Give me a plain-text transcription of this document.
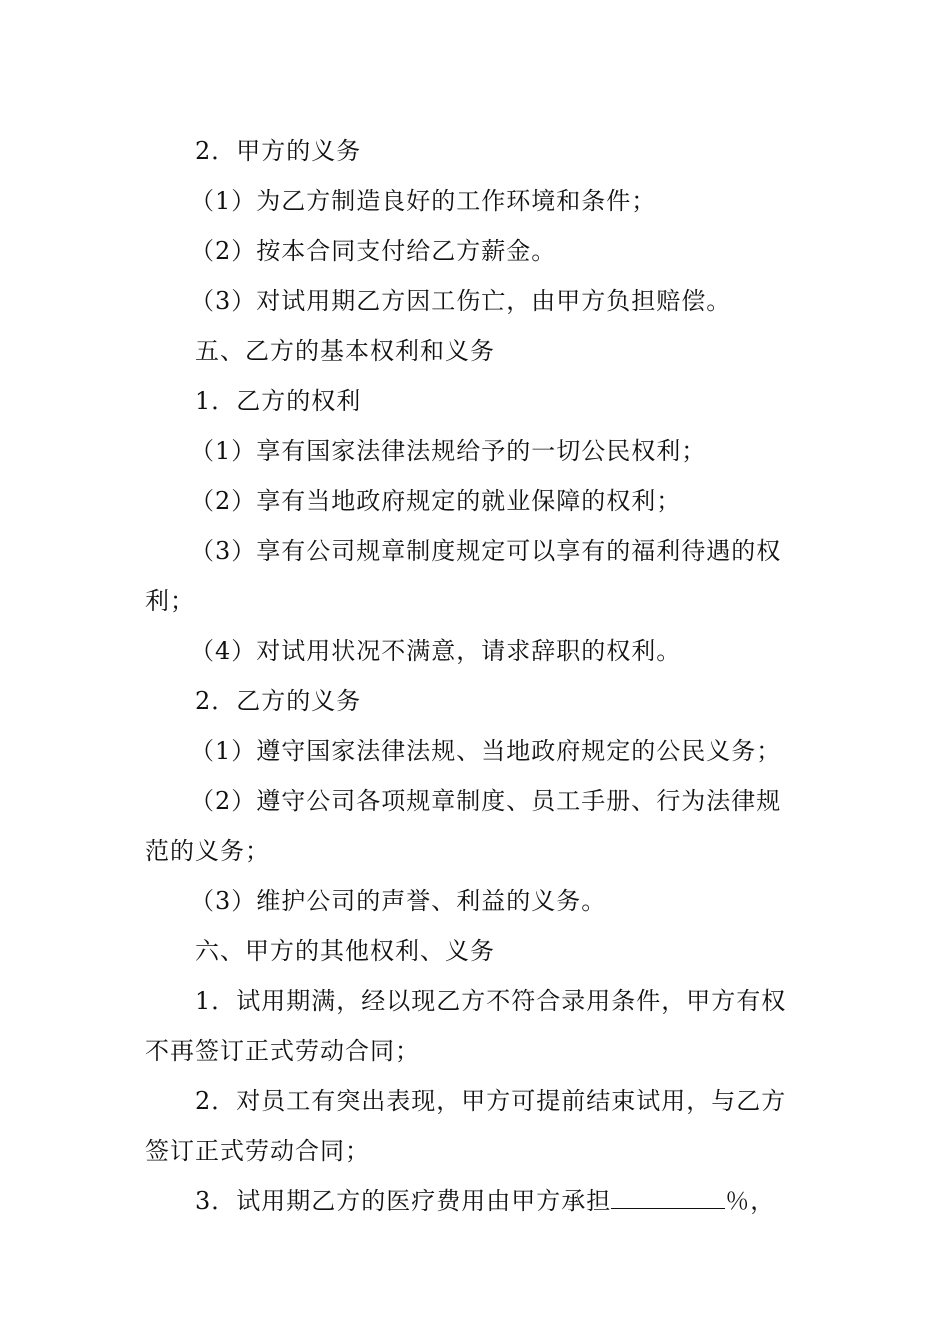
2．甲方的义务
（1）为乙方制造良好的工作环境和条件；
（2）按本合同支付给乙方薪金。
（3）对试用期乙方因工伤亡，由甲方负担赔偿。
五、乙方的基本权利和义务
1．乙方的权利
（1）享有国家法律法规给予的一切公民权利；
（2）享有当地政府规定的就业保障的权利；
（3）享有公司规章制度规定可以享有的福利待遇的权
利；
（4）对试用状况不满意，请求辞职的权利。
2．乙方的义务
（1）遵守国家法律法规、当地政府规定的公民义务；
（2）遵守公司各项规章制度、员工手册、行为法律规
范的义务；
（3）维护公司的声誉、利益的义务。
六、甲方的其他权利、义务
1．试用期满，经以现乙方不符合录用条件，甲方有权
不再签订正式劳动合同；
2．对员工有突出表现，甲方可提前结束试用，与乙方
签订正式劳动合同；
3．试用期乙方的医疗费用由甲方承担	％，
